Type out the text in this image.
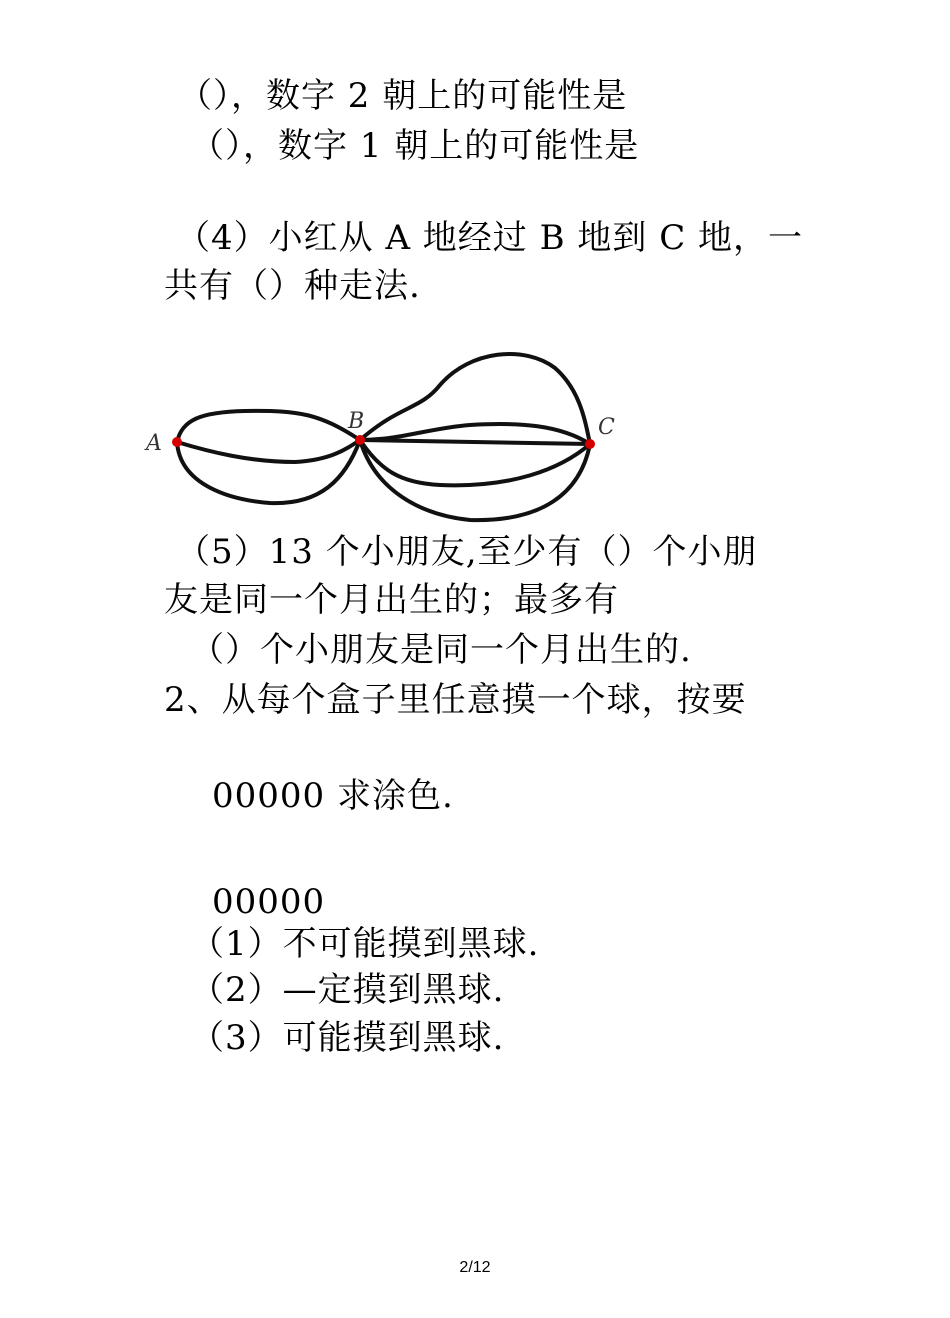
（），数字 2 朝上的可能性是
（），数字 1 朝上的可能性是
（4）小红从 A 地经过 B 地到 C 地，一
共有（）种走法.
A
B	C
（5）13 个小朋友,至少有（）个小朋
友是同一个月出生的；最多有
（）个小朋友是同一个月出生的.
2、从每个盒子里任意摸一个球，按要
00000 求涂色.
00000
（1）不可能摸到黑球.
（2）—定摸到黑球.
（3）可能摸到黑球.
2/12
